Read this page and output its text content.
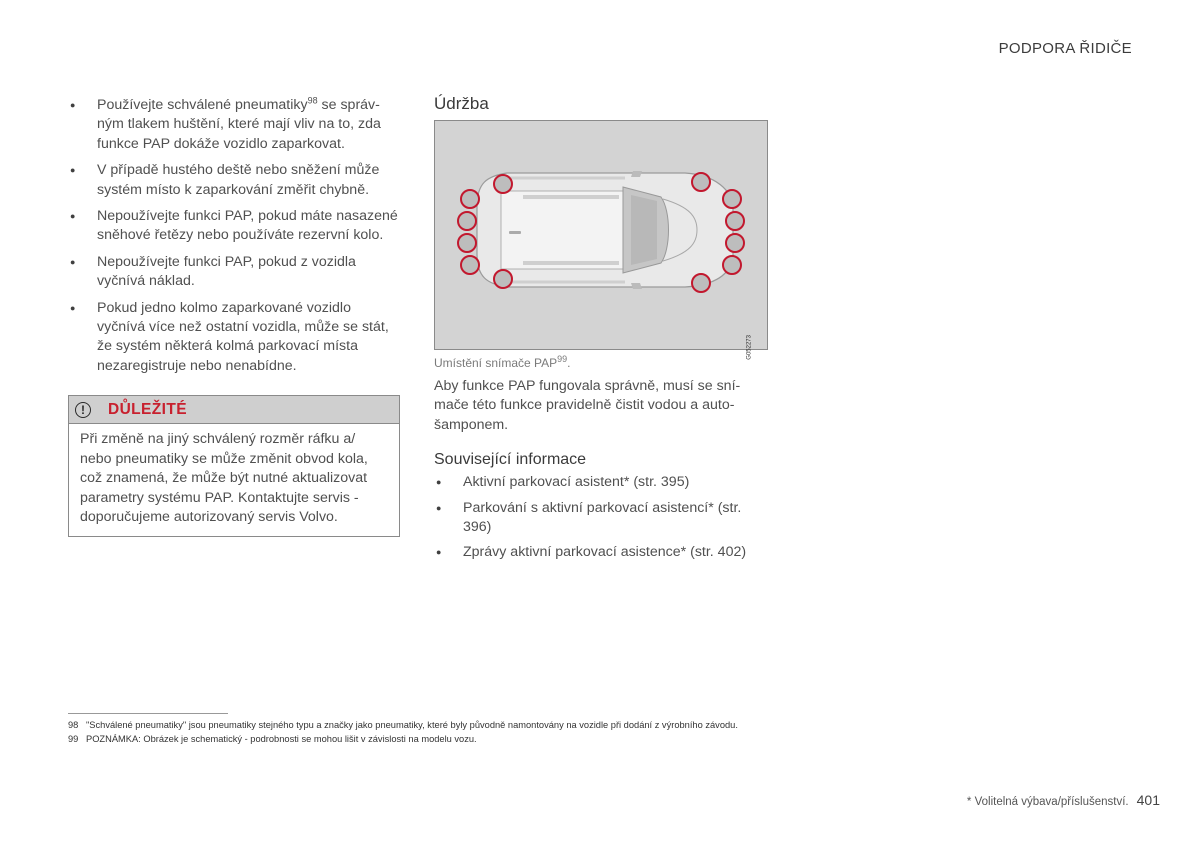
PODPORA ŘIDIČE
● Používejte schválené pneumatiky$^{98}$ se správným tlakem huštění, které mají vliv na to, zda funkce PAP dokáže vozidlo zaparkovat.
● V případě hustého deště nebo sněžení může systém místo k zaparkování změřit chybně.
● Nepoužívejte funkci PAP, pokud máte nasazené sněhové řetězy nebo používáte rezervní kolo.
● Nepoužívejte funkci PAP, pokud z vozidla vyčnívá náklad.
● Pokud jedno kolmo zaparkované vozidlo vyčnívá více než ostatní vozidla, může se stát, že systém některá kolmá parkovací místa nezaregistruje nebo nenabídne.
!	DŮLEŽITÉ
Při změně na jiný schválený rozměr ráfku a/ nebo pneumatiky se může změnit obvod kola, což znamená, že může být nutné aktualizovat parametry systému PAP. Kontaktujte servis - doporučujeme autorizovaný servis Volvo.
Údržba
G052273
Umístění snímače PAP$^{99}$.
Aby funkce PAP fungovala správně, musí se snímače této funkce pravidelně čistit vodou a autošamponem.
Související informace
● Aktivní parkovací asistent* (str. 395)
● Parkování s aktivní parkovací asistencí* (str. 396)
● Zprávy aktivní parkovací asistence* (str. 402)
98 "Schválené pneumatiky" jsou pneumatiky stejného typu a značky jako pneumatiky, které byly původně namontovány na vozidle při dodání z výrobního závodu.
99 POZNÁMKA: Obrázek je schematický - podrobnosti se mohou lišit v závislosti na modelu vozu.
* Volitelná výbava/příslušenství. 401
